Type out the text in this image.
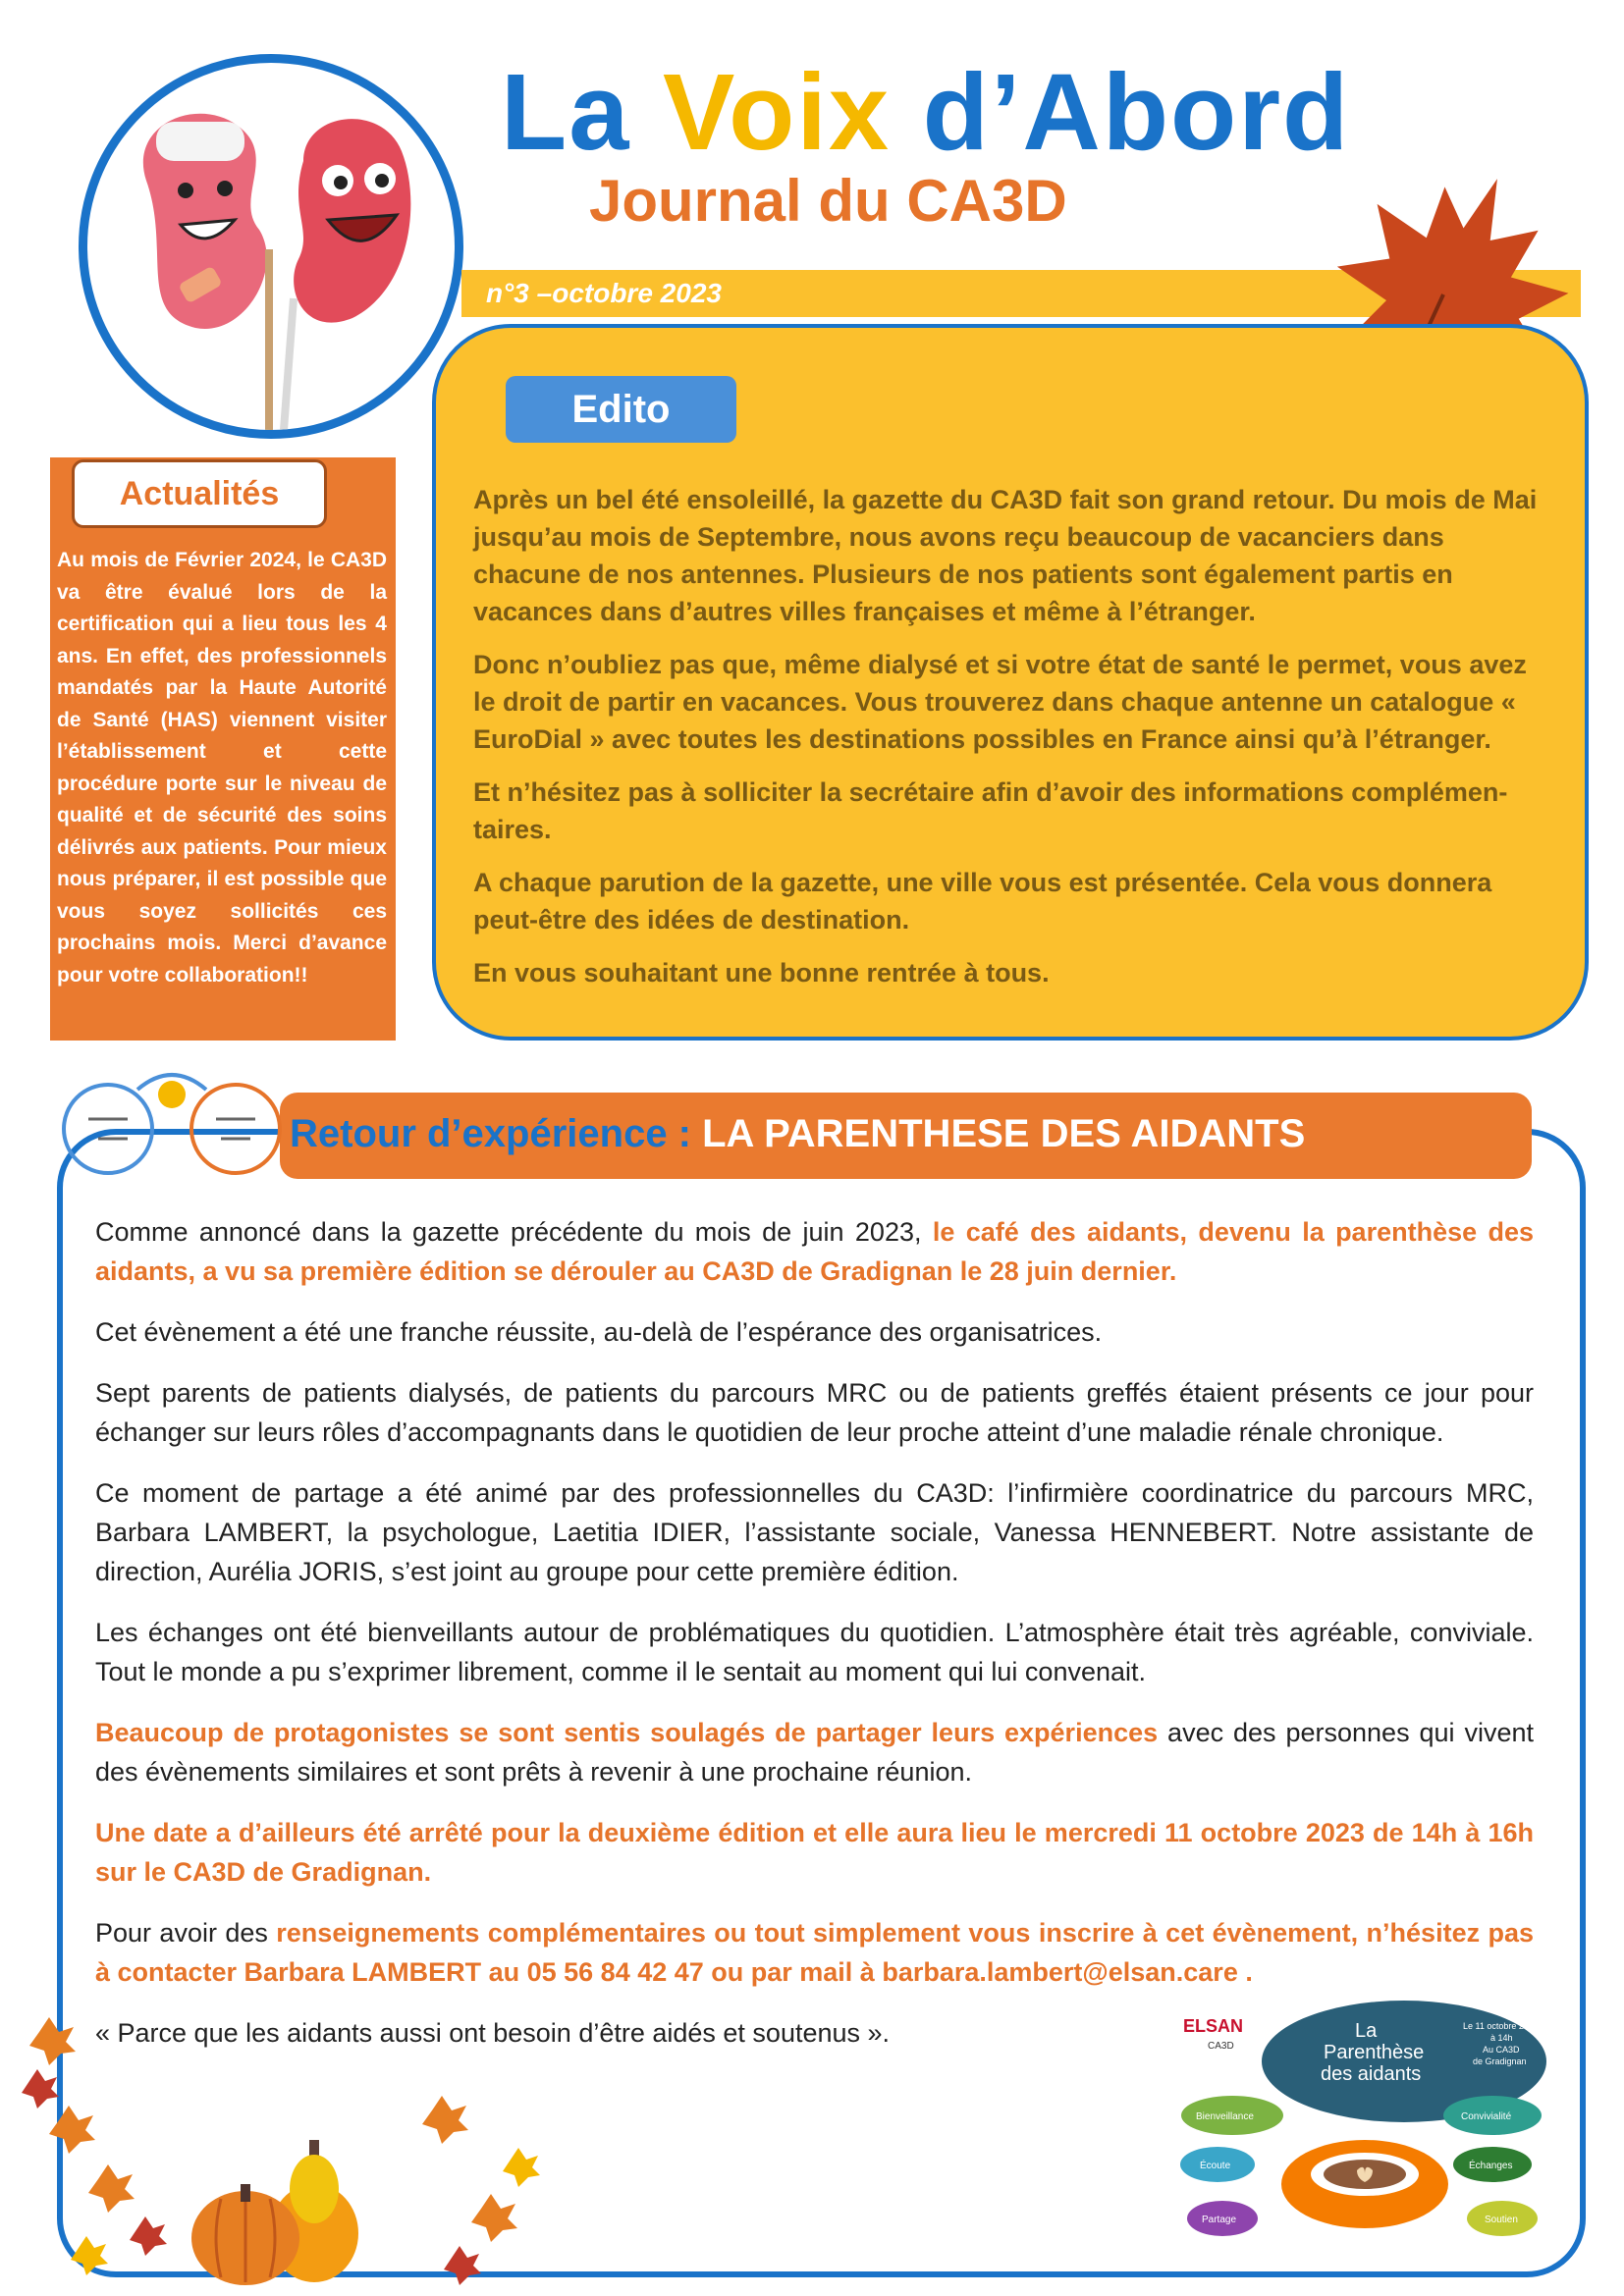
La Voix d’Abord
Journal du CA3D
n°3 –octobre 2023
Edito

Après un bel été ensoleillé, la gazette du CA3D fait son grand retour. Du mois de Mai jusqu’au mois de Septembre, nous avons reçu beaucoup de vacanciers dans chacune de nos antennes. Plusieurs de nos patients sont également partis en vacances dans d’autres villes françaises et même à l’étranger.

Donc n’oubliez pas que, même dialysé et si votre état de santé le permet, vous avez le droit de partir en vacances. Vous trouverez dans chaque antenne un catalogue « EuroDial » avec toutes les destinations possibles en France ainsi qu’à l’étranger.

Et n’hésitez pas à solliciter la secrétaire afin d’avoir des informations complémen-taires.

A chaque parution de la gazette, une ville vous est présentée. Cela vous donnera peut-être des idées de destination.

En vous souhaitant une bonne rentrée à tous.

Actualités
Au mois de Février 2024, le CA3D va être évalué lors de la certification qui a lieu tous les 4 ans. En effet, des professionnels mandatés par la Haute Autorité de Santé (HAS) viennent visiter l’établissement et cette procédure porte sur le niveau de qualité et de sécurité des soins délivrés aux patients. Pour mieux nous préparer, il est possible que vous soyez sollicités ces prochains mois. Merci d’avance pour votre collaboration!!
Retour d’expérience : LA PARENTHESE DES AIDANTS

Comme annoncé dans la gazette précédente du mois de juin 2023, le café des aidants, devenu la parenthèse des aidants, a vu sa première édition se dérouler au CA3D de Gradignan le 28 juin dernier.

Cet évènement a été une franche réussite, au-delà de l’espérance des organisatrices.

Sept parents de patients dialysés, de patients du parcours MRC ou de patients greffés étaient présents ce jour pour échanger sur leurs rôles d’accompagnants dans le quotidien de leur proche atteint d’une maladie rénale chronique.

Ce moment de partage a été animé par des professionnelles du CA3D: l’infirmière coordinatrice du parcours MRC, Barbara LAMBERT, la psychologue, Laetitia IDIER, l’assistante sociale, Vanessa HENNEBERT. Notre assistante de direction, Aurélia JORIS, s’est joint au groupe pour cette première édition.

Les échanges ont été bienveillants autour de problématiques du quotidien. L’atmosphère était très agréable, conviviale. Tout le monde a pu s’exprimer librement, comme il le sentait au moment qui lui convenait.

Beaucoup de protagonistes se sont sentis soulagés de partager leurs expériences avec des personnes qui vivent des évènements similaires et sont prêts à revenir à une prochaine réunion.

Une date a d’ailleurs été arrêté pour la deuxième édition et elle aura lieu le mercredi 11 octobre 2023 de 14h à 16h sur le CA3D de Gradignan.

Pour avoir des renseignements complémentaires ou tout simplement vous inscrire à cet évènement, n’hésitez pas à contacter Barbara LAMBERT au 05 56 84 42 47 ou par mail à barbara.lambert@elsan.care .

« Parce que les aidants aussi ont besoin d’être aidés et soutenus ».	ELSAN
CA3D
La
Parenthèse
des aidants
Le 11 octobre 2023
à 14h
Au CA3D
de Gradignan
Bienveillance
Écoute
Partage
Convivialité
Échanges
Soutien
